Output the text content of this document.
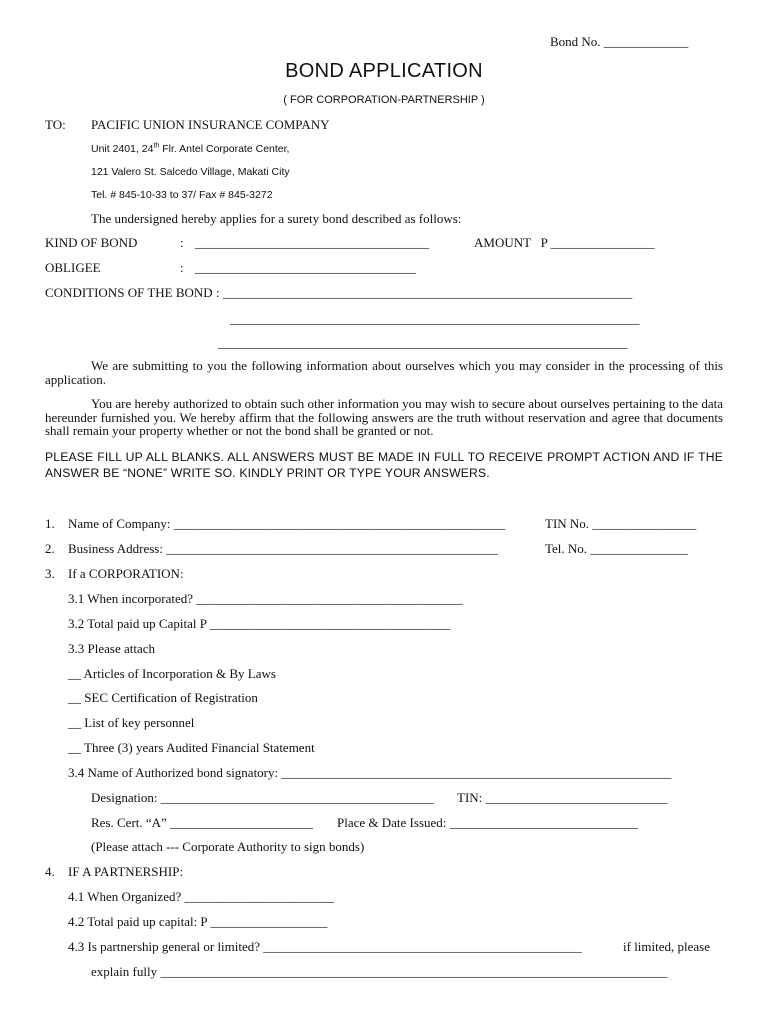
Bond No. _____________
BOND APPLICATION
( FOR CORPORATION-PARTNERSHIP )
TO: PACIFIC UNION INSURANCE COMPANY
Unit 2401, 24th Flr. Antel Corporate Center,
121 Valero St. Salcedo Village, Makati City
Tel. # 845-10-33 to 37/ Fax # 845-3272
The undersigned hereby applies for a surety bond described as follows:
KIND OF BOND	: ____________________________________	AMOUNT   P ________________
OBLIGEE	: __________________________________
CONDITIONS OF THE BOND : _______________________________________________________________
_______________________________________________________________
_______________________________________________________________
We are submitting to you the following information about ourselves which you may consider in the processing of this application.
You are hereby authorized to obtain such other information you may wish to secure about ourselves pertaining to the data hereunder furnished you. We hereby affirm that the following answers are the truth without reservation and agree that documents shall remain your property whether or not the bond shall be granted or not.
PLEASE FILL UP ALL BLANKS. ALL ANSWERS MUST BE MADE IN FULL TO RECEIVE PROMPT ACTION AND IF THE ANSWER BE “NONE” WRITE SO. KINDLY PRINT OR TYPE YOUR ANSWERS.
1. Name of Company: ___________________________________________________	TIN No. ________________
2. Business Address: ___________________________________________________	Tel. No. _______________
3. If a CORPORATION:
3.1 When incorporated? _________________________________________
3.2 Total paid up Capital P _____________________________________
3.3 Please attach
__ Articles of Incorporation & By Laws
__ SEC Certification of Registration
__ List of key personnel
__ Three (3) years Audited Financial Statement
3.4 Name of Authorized bond signatory: ____________________________________________________________
Designation: __________________________________________ TIN: ____________________________
Res. Cert. “A” ______________________ Place & Date Issued: _____________________________
(Please attach --- Corporate Authority to sign bonds)
4. IF A PARTNERSHIP:
4.1 When Organized? _______________________
4.2 Total paid up capital: P __________________
4.3 Is partnership general or limited? _________________________________________________	if limited, please
explain fully ______________________________________________________________________________
